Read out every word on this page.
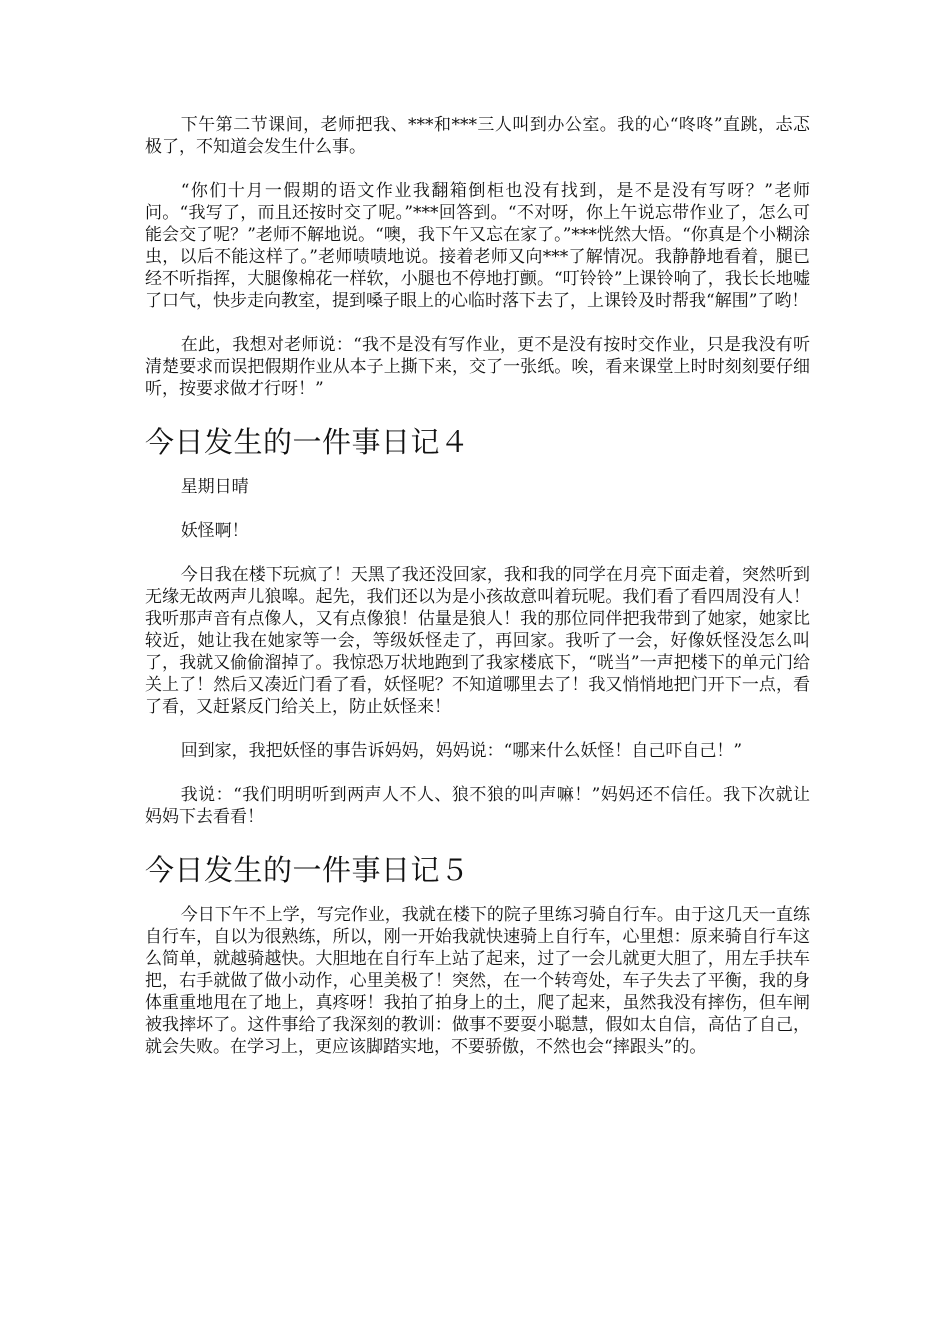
下午第二节课间，老师把我、***和***三人叫到办公室。我的心“咚咚”直跳，忐忑极了，不知道会发生什么事。

“你们十月一假期的语文作业我翻箱倒柜也没有找到，是不是没有写呀？”老师问。“我写了，而且还按时交了呢。”***回答到。“不对呀，你上午说忘带作业了，怎么可能会交了呢？”老师不解地说。“噢，我下午又忘在家了。”***恍然大悟。“你真是个小糊涂虫，以后不能这样了。”老师啧啧地说。接着老师又向***了解情况。我静静地看着，腿已经不听指挥，大腿像棉花一样软，小腿也不停地打颤。“叮铃铃”上课铃响了，我长长地嘘了口气，快步走向教室，提到嗓子眼上的心临时落下去了，上课铃及时帮我“解围”了哟！

在此，我想对老师说：“我不是没有写作业，更不是没有按时交作业，只是我没有听清楚要求而误把假期作业从本子上撕下来，交了一张纸。唉，看来课堂上时时刻刻要仔细听，按要求做才行呀！”

今日发生的一件事日记４

星期日晴

妖怪啊！

今日我在楼下玩疯了！天黑了我还没回家，我和我的同学在月亮下面走着，突然听到无缘无故两声儿狼嗥。起先，我们还以为是小孩故意叫着玩呢。我们看了看四周没有人！我听那声音有点像人，又有点像狼！估量是狼人！我的那位同伴把我带到了她家，她家比较近，她让我在她家等一会，等级妖怪走了，再回家。我听了一会，好像妖怪没怎么叫了，我就又偷偷溜掉了。我惊恐万状地跑到了我家楼底下，“咣当”一声把楼下的单元门给关上了！然后又凑近门看了看，妖怪呢？不知道哪里去了！我又悄悄地把门开下一点，看了看，又赶紧反门给关上，防止妖怪来！

回到家，我把妖怪的事告诉妈妈，妈妈说：“哪来什么妖怪！自己吓自己！”

我说：“我们明明听到两声人不人、狼不狼的叫声嘛！”妈妈还不信任。我下次就让妈妈下去看看！

今日发生的一件事日记５

今日下午不上学，写完作业，我就在楼下的院子里练习骑自行车。由于这几天一直练自行车，自以为很熟练，所以，刚一开始我就快速骑上自行车，心里想：原来骑自行车这么简单，就越骑越快。大胆地在自行车上站了起来，过了一会儿就更大胆了，用左手扶车把，右手就做了做小动作，心里美极了！突然，在一个转弯处，车子失去了平衡，我的身体重重地甩在了地上，真疼呀！我拍了拍身上的土，爬了起来，虽然我没有摔伤，但车闸被我摔坏了。这件事给了我深刻的教训：做事不要耍小聪慧，假如太自信，高估了自己，就会失败。在学习上，更应该脚踏实地，不要骄傲，不然也会“摔跟头”的。
